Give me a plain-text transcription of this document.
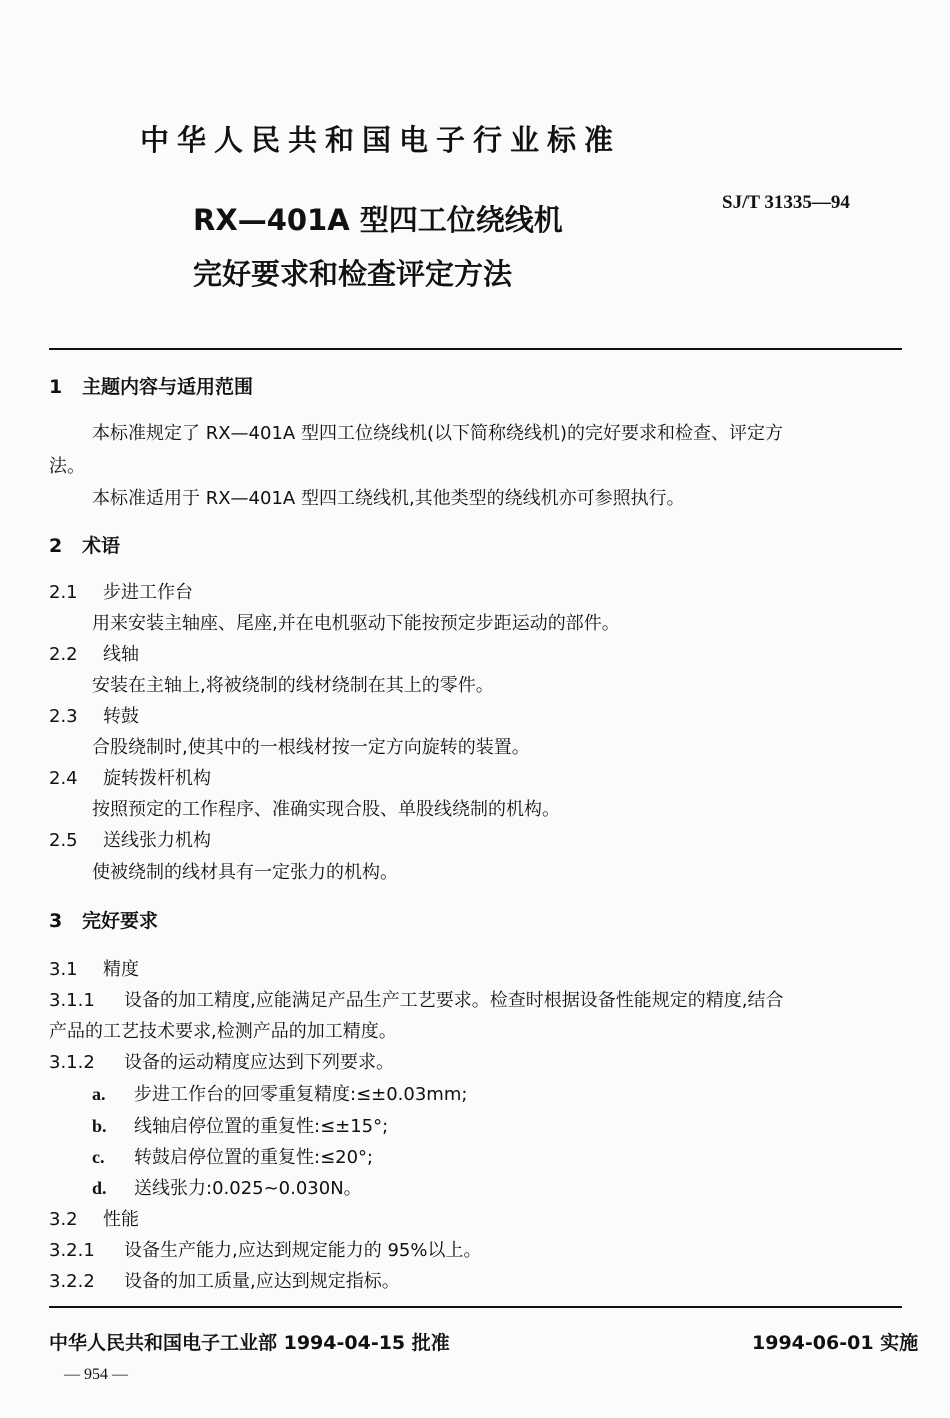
中华人民共和国电子行业标准
SJ/T 31335—94
RX—401A 型四工位绕线机
完好要求和检查评定方法
1 主题内容与适用范围
本标准规定了 RX—401A 型四工位绕线机(以下简称绕线机)的完好要求和检查、评定方
法。
本标准适用于 RX—401A 型四工绕线机,其他类型的绕线机亦可参照执行。
2 术语
2.1 步进工作台
用来安装主轴座、尾座,并在电机驱动下能按预定步距运动的部件。
2.2 线轴
安装在主轴上,将被绕制的线材绕制在其上的零件。
2.3 转鼓
合股绕制时,使其中的一根线材按一定方向旋转的装置。
2.4 旋转拨杆机构
按照预定的工作程序、准确实现合股、单股线绕制的机构。
2.5 送线张力机构
使被绕制的线材具有一定张力的机构。
3 完好要求
3.1 精度
3.1.1 设备的加工精度,应能满足产品生产工艺要求。检查时根据设备性能规定的精度,结合
产品的工艺技术要求,检测产品的加工精度。
3.1.2 设备的运动精度应达到下列要求。
a. 步进工作台的回零重复精度:≤±0.03mm;
b. 线轴启停位置的重复性:≤±15°;
c. 转鼓启停位置的重复性:≤20°;
d. 送线张力:0.025~0.030N。
3.2 性能
3.2.1 设备生产能力,应达到规定能力的 95%以上。
3.2.2 设备的加工质量,应达到规定指标。
中华人民共和国电子工业部 1994-04-15 批准	1994-06-01 实施
— 954 —
